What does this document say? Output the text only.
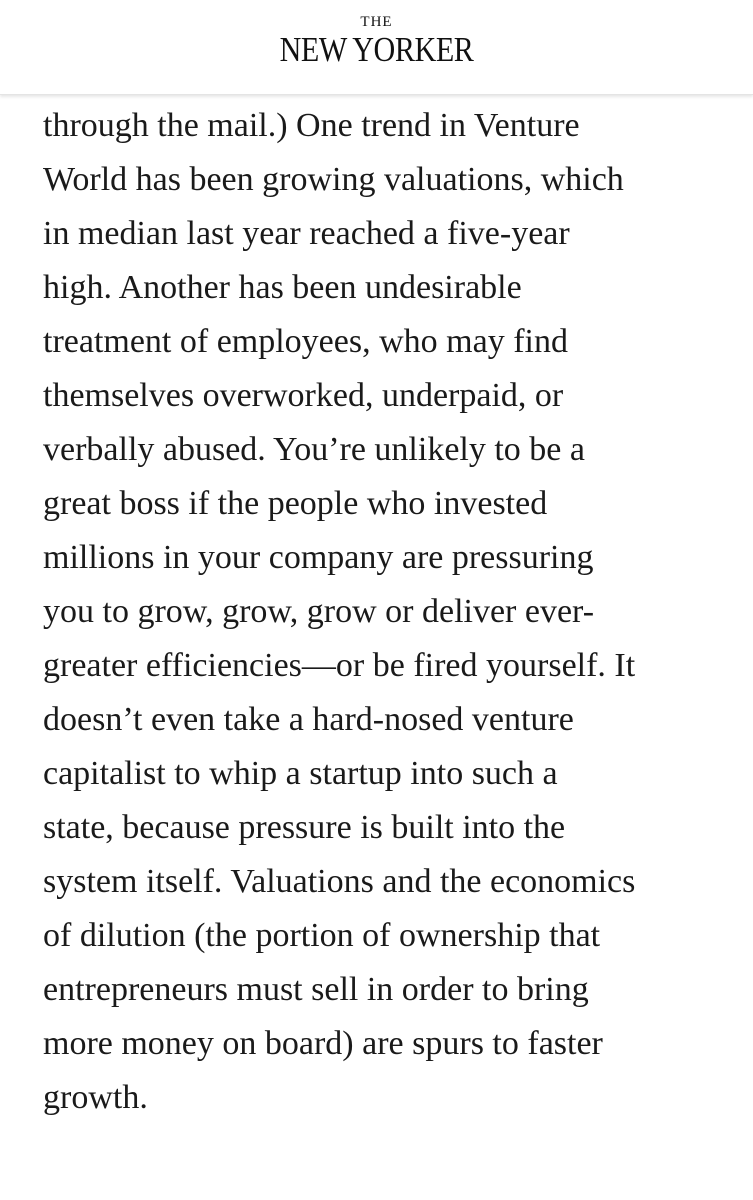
THE
NEW YORKER
through the mail.) One trend in Venture
World has been growing valuations, which
in median last year reached a five-year
high. Another has been undesirable
treatment of employees, who may find
themselves overworked, underpaid, or
verbally abused. You’re unlikely to be a
great boss if the people who invested
millions in your company are pressuring
you to grow, grow, grow or deliver ever-
greater efficiencies—or be fired yourself. It
doesn’t even take a hard-nosed venture
capitalist to whip a startup into such a
state, because pressure is built into the
system itself. Valuations and the economics
of dilution (the portion of ownership that
entrepreneurs must sell in order to bring
more money on board) are spurs to faster
growth.
